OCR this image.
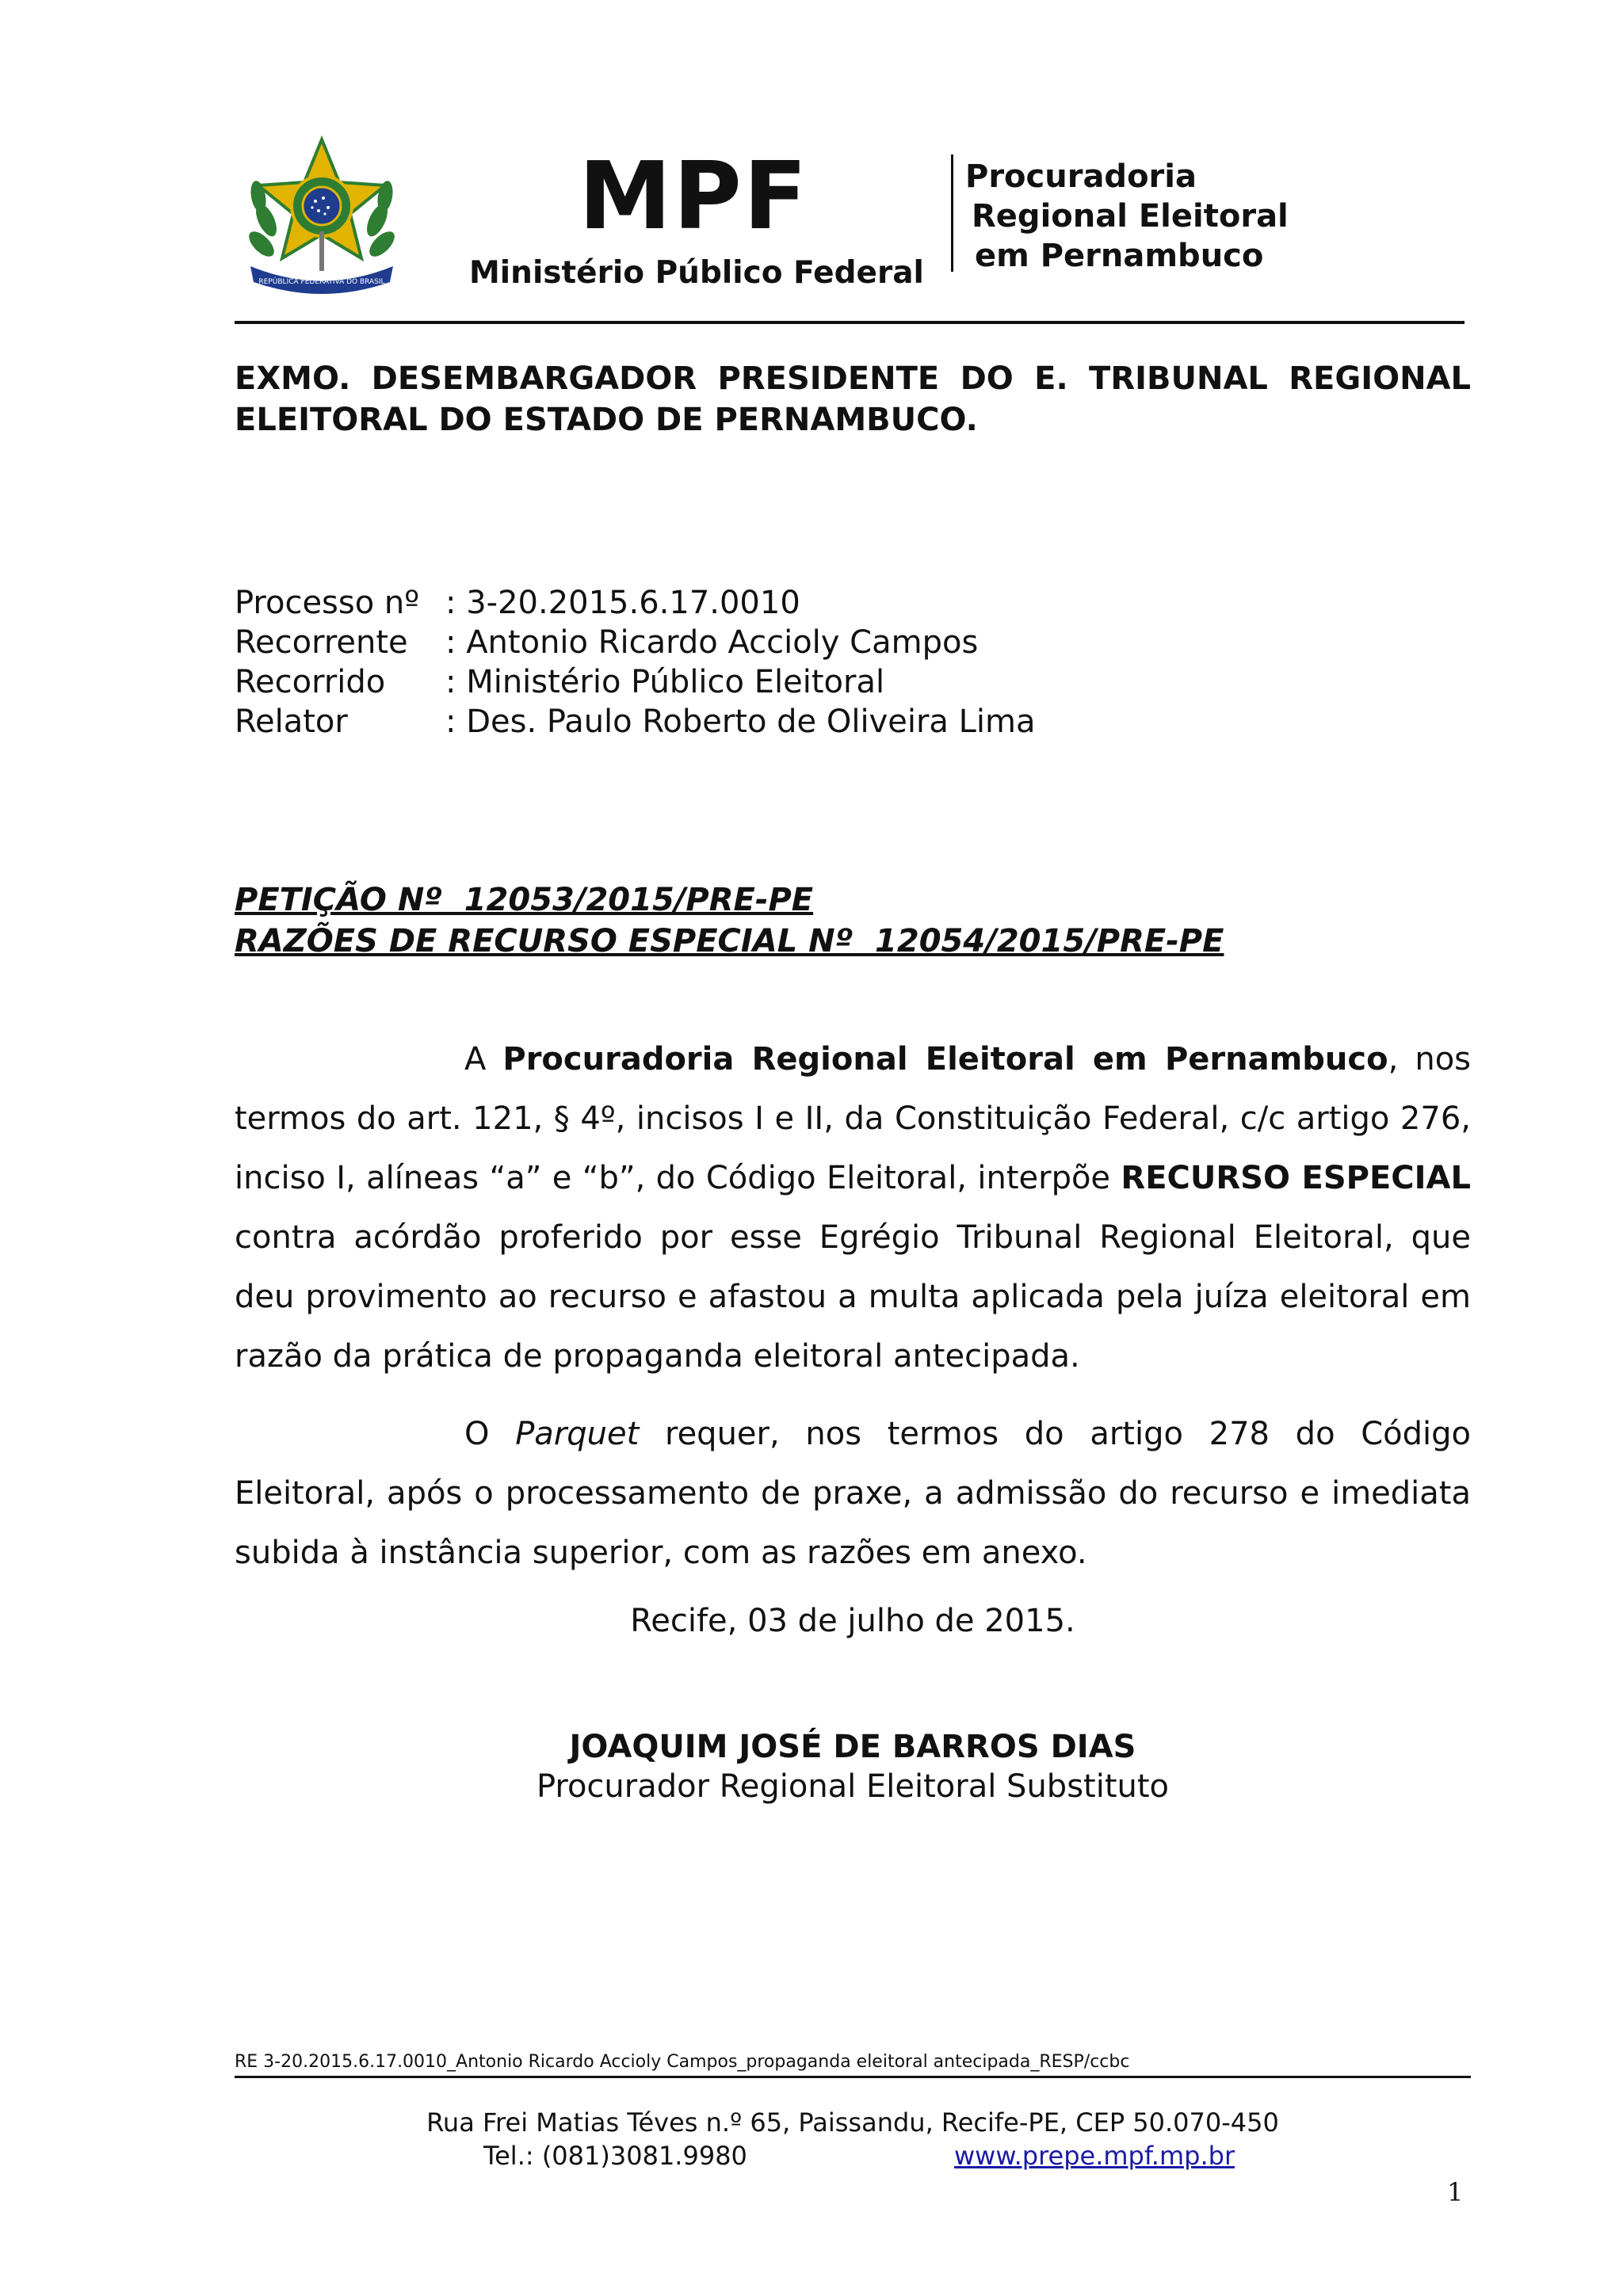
REPÚBLICA FEDERATIVA DO BRASIL
MPF
Ministério Público Federal
Procuradoria
Regional Eleitoral
em Pernambuco
EXMO. DESEMBARGADOR PRESIDENTE DO E. TRIBUNAL REGIONAL
ELEITORAL DO ESTADO DE PERNAMBUCO.
Processo nº : 3-20.2015.6.17.0010
Recorrente	: Antonio Ricardo Accioly Campos
Recorrido	: Ministério Público Eleitoral
Relator	: Des. Paulo Roberto de Oliveira Lima
PETIÇÃO Nº  12053/2015/PRE-PE
RAZÕES DE RECURSO ESPECIAL Nº  12054/2015/PRE-PE

A Procuradoria Regional Eleitoral em Pernambuco, nos termos do art. 121, § 4º, incisos I e II, da Constituição Federal, c/c artigo 276, inciso I, alíneas “a” e “b”, do Código Eleitoral, interpõe RECURSO ESPECIAL contra acórdão proferido por esse Egrégio Tribunal Regional Eleitoral, que deu provimento ao recurso e afastou a multa aplicada pela juíza eleitoral em razão da prática de propaganda eleitoral antecipada.

O Parquet requer, nos termos do artigo 278 do Código Eleitoral, após o processamento de praxe, a admissão do recurso e imediata subida à instância superior, com as razões em anexo.

Recife, 03 de julho de 2015.
JOAQUIM JOSÉ DE BARROS DIAS
Procurador Regional Eleitoral Substituto
RE 3-20.2015.6.17.0010_Antonio Ricardo Accioly Campos_propaganda eleitoral antecipada_RESP/ccbc
Rua Frei Matias Téves n.º 65, Paissandu, Recife-PE, CEP 50.070-450
Tel.: (081)3081.9980	www.prepe.mpf.mp.br
1
